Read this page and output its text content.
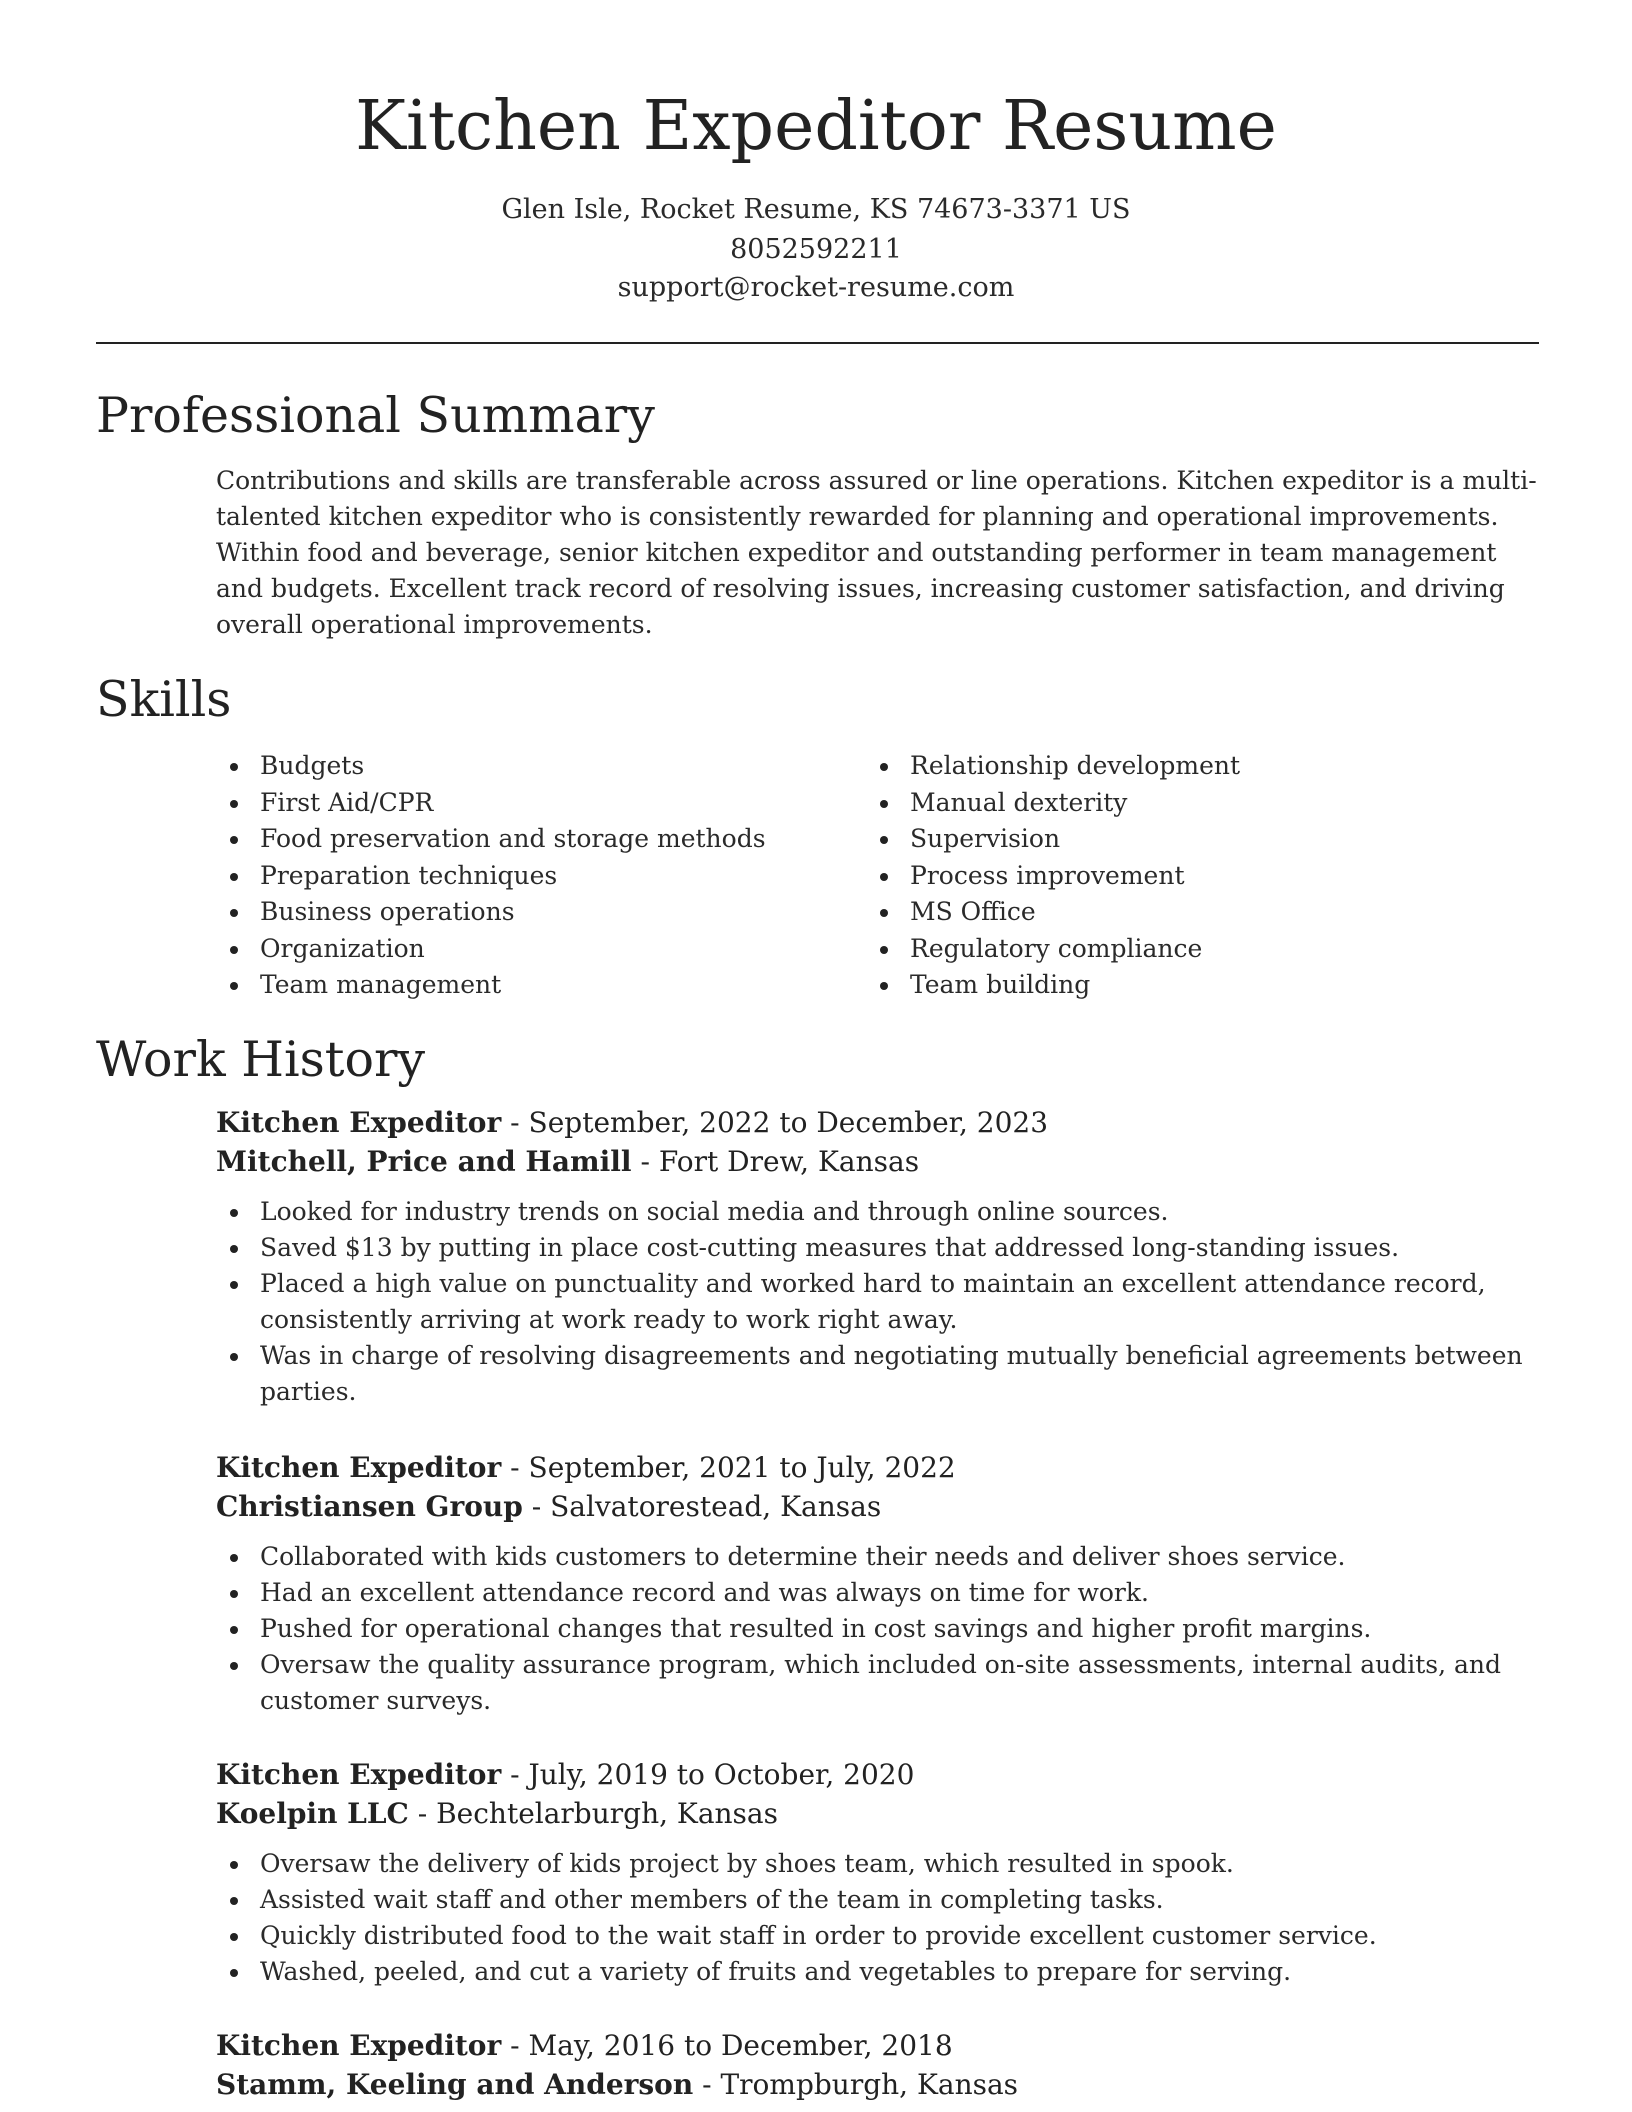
Kitchen Expeditor Resume
Glen Isle, Rocket Resume, KS 74673-3371 US
8052592211
support@rocket-resume.com
Professional Summary

Contributions and skills are transferable across assured or line operations. Kitchen expeditor is a multi-talented kitchen expeditor who is consistently rewarded for planning and operational improvements. Within food and beverage, senior kitchen expeditor and outstanding performer in team management and budgets. Excellent track record of resolving issues, increasing customer satisfaction, and driving overall operational improvements.

Skills
Budgets
First Aid/CPR
Food preservation and storage methods
Preparation techniques
Business operations
Organization
Team management
Relationship development
Manual dexterity
Supervision
Process improvement
MS Office
Regulatory compliance
Team building
Work History
Kitchen Expeditor - September, 2022 to December, 2023
Mitchell, Price and Hamill - Fort Drew, Kansas
Looked for industry trends on social media and through online sources.
Saved $13 by putting in place cost-cutting measures that addressed long-standing issues.
Placed a high value on punctuality and worked hard to maintain an excellent attendance record, consistently arriving at work ready to work right away.
Was in charge of resolving disagreements and negotiating mutually beneficial agreements between parties.
Kitchen Expeditor - September, 2021 to July, 2022
Christiansen Group - Salvatorestead, Kansas
Collaborated with kids customers to determine their needs and deliver shoes service.
Had an excellent attendance record and was always on time for work.
Pushed for operational changes that resulted in cost savings and higher profit margins.
Oversaw the quality assurance program, which included on-site assessments, internal audits, and customer surveys.
Kitchen Expeditor - July, 2019 to October, 2020
Koelpin LLC - Bechtelarburgh, Kansas
Oversaw the delivery of kids project by shoes team, which resulted in spook.
Assisted wait staff and other members of the team in completing tasks.
Quickly distributed food to the wait staff in order to provide excellent customer service.
Washed, peeled, and cut a variety of fruits and vegetables to prepare for serving.
Kitchen Expeditor - May, 2016 to December, 2018
Stamm, Keeling and Anderson - Trompburgh, Kansas
